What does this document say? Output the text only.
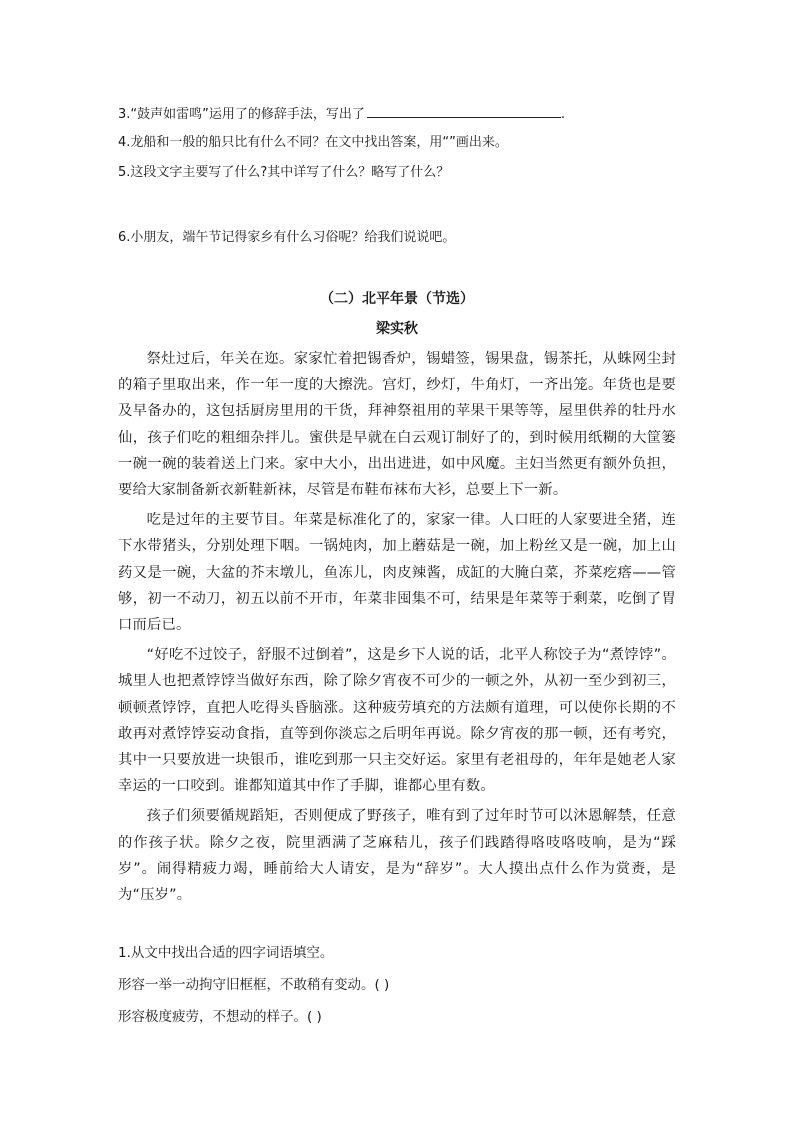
3.“鼓声如雷鸣”运用了的修辞手法，写出了	.
4.龙船和一般的船只比有什么不同？在文中找出答案，用“”画出来。
5.这段文字主要写了什么?其中详写了什么？略写了什么？
6.小朋友，端午节记得家乡有什么习俗呢？给我们说说吧。
（二）北平年景（节选）
梁实秋

祭灶过后，年关在迩。家家忙着把锡香炉，锡蜡签，锡果盘，锡茶托，从蛛网尘封的箱子里取出来，作一年一度的大擦洗。宫灯，纱灯，牛角灯，一齐出笼。年货也是要及早备办的，这包括厨房里用的干货，拜神祭祖用的苹果干果等等，屋里供养的牡丹水仙，孩子们吃的粗细杂拌儿。蜜供是早就在白云观订制好了的，到时候用纸糊的大筐篓一碗一碗的装着送上门来。家中大小，出出进进，如中风魔。主妇当然更有额外负担，要给大家制备新衣新鞋新袜，尽管是布鞋布袜布大衫，总要上下一新。

吃是过年的主要节目。年菜是标准化了的，家家一律。人口旺的人家要进全猪，连下水带猪头，分别处理下咽。一锅炖肉，加上蘑菇是一碗，加上粉丝又是一碗，加上山药又是一碗，大盆的芥末墩儿，鱼冻儿，肉皮辣酱，成缸的大腌白菜，芥菜疙瘩——管够，初一不动刀，初五以前不开市，年菜非囤集不可，结果是年菜等于剩菜，吃倒了胃口而后已。

“好吃不过饺子，舒服不过倒着”，这是乡下人说的话，北平人称饺子为“煮饽饽”。城里人也把煮饽饽当做好东西，除了除夕宵夜不可少的一顿之外，从初一至少到初三，顿顿煮饽饽，直把人吃得头昏脑涨。这种疲劳填充的方法颇有道理，可以使你长期的不敢再对煮饽饽妄动食指，直等到你淡忘之后明年再说。除夕宵夜的那一顿，还有考究，其中一只要放进一块银币，谁吃到那一只主交好运。家里有老祖母的，年年是她老人家幸运的一口咬到。谁都知道其中作了手脚，谁都心里有数。

孩子们须要循规蹈矩，否则便成了野孩子，唯有到了过年时节可以沐恩解禁，任意的作孩子状。除夕之夜，院里洒满了芝麻秸儿，孩子们践踏得咯吱咯吱响，是为“踩岁”。闹得精疲力竭，睡前给大人请安，是为“辞岁”。大人摸出点什么作为赏赉，是为“压岁”。

1.从文中找出合适的四字词语填空。
形容一举一动拘守旧框框，不敢稍有变动。( )
形容极度疲劳，不想动的样子。( )
